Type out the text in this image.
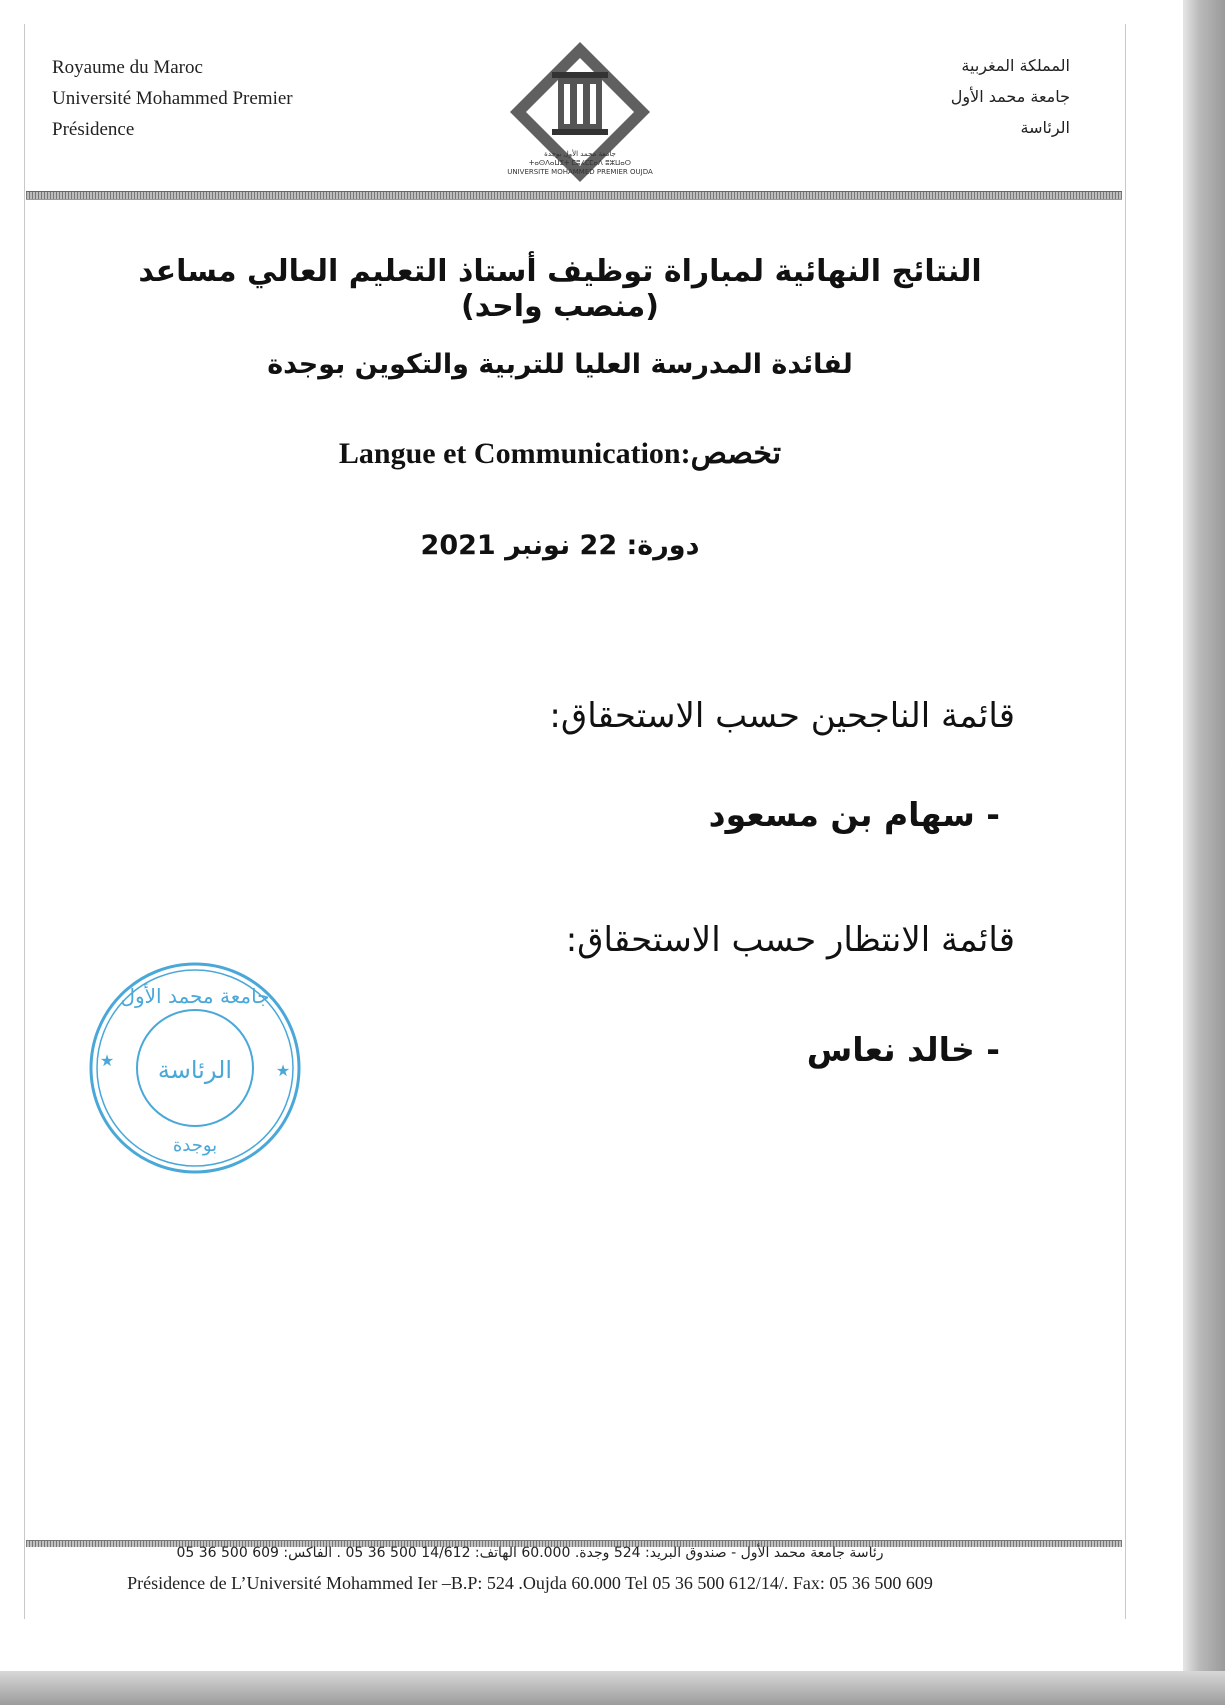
Royaume du Maroc
Université Mohammed Premier
Présidence
جامعة محمد الأول بوجدة
ⵜⴰⵙⴷⴰⵡⵉⵜ ⵎⵓⵃⵎⵎⴰⴷ ⵓⵣⵡⴰⵔ
UNIVERSITE MOHAMMED PREMIER OUJDA
المملكة المغربية
جامعة محمد الأول
الرئاسة
النتائج النهائية لمباراة توظيف أستاذ التعليم العالي مساعد (منصب واحد)
لفائدة المدرسة العليا للتربية والتكوين بوجدة
Langue et Communication:تخصص
دورة: 22 نونبر 2021
قائمة الناجحين حسب الاستحقاق:
- سهام بن مسعود
قائمة الانتظار حسب الاستحقاق:
- خالد نعاس
جامعة محمد الأول
الرئاسة
بوجدة
★
★
رئاسة جامعة محمد الأول - صندوق البريد: 524 وجدة. 60.000 الهاتف: 14/612 500 36 05 . الفاكس: 609 500 36 05
Présidence de L’Université Mohammed Ier –B.P: 524 .Oujda 60.000 Tel 05 36 500 612/14/. Fax: 05 36 500 609
